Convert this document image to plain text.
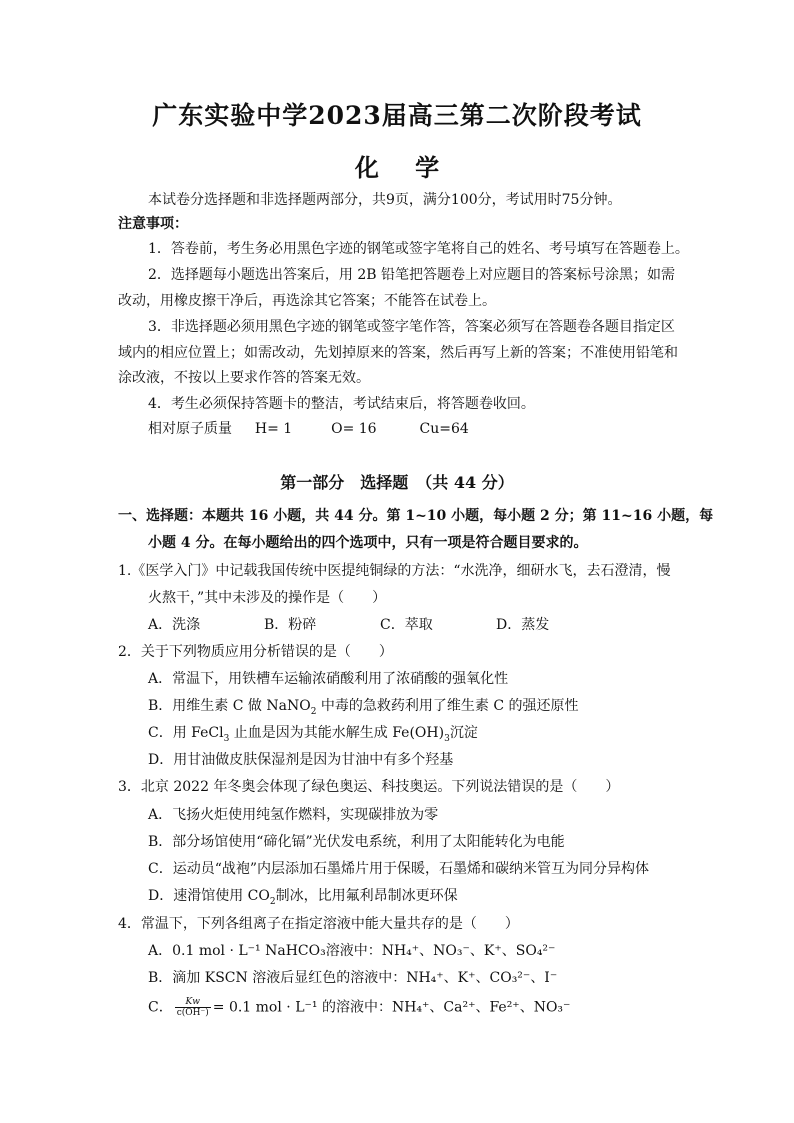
广东实验中学2023届高三第二次阶段考试
化 学
本试卷分选择题和非选择题两部分，共9页，满分100分，考试用时75分钟。
注意事项：
1．答卷前，考生务必用黑色字迹的钢笔或签字笔将自己的姓名、考号填写在答题卷上。
2．选择题每小题选出答案后，用 2B 铅笔把答题卷上对应题目的答案标号涂黑；如需
改动，用橡皮擦干净后，再选涂其它答案；不能答在试卷上。
3．非选择题必须用黑色字迹的钢笔或签字笔作答，答案必须写在答题卷各题目指定区
域内的相应位置上；如需改动，先划掉原来的答案，然后再写上新的答案；不准使用铅笔和
涂改液，不按以上要求作答的答案无效。
4．考生必须保持答题卡的整洁，考试结束后，将答题卷收回。
相对原子质量 H= 1	O= 16	Cu=64
第一部分　选择题　（共 44 分）
一、选择题：本题共 16 小题，共 44 分。第 1~10 小题，每小题 2 分；第 11~16 小题，每
小题 4 分。在每小题给出的四个选项中，只有一项是符合题目要求的。
1.《医学入门》中记载我国传统中医提纯铜绿的方法：“水洗净，细研水飞，去石澄清，慢
火熬干，”其中未涉及的操作是（　　）
A．洗涤	B．粉碎	C．萃取	D．蒸发
2．关于下列物质应用分析错误的是（　　）
A．常温下，用铁槽车运输浓硝酸利用了浓硝酸的强氧化性
B．用维生素 C 做 NaNO$_2$ 中毒的急救药利用了维生素 C 的强还原性
C．用 FeCl$_3$ 止血是因为其能水解生成 $Fe(OH)_3$沉淀
D．用甘油做皮肤保湿剂是因为甘油中有多个羟基
3．北京 2022 年冬奥会体现了绿色奥运、科技奥运。下列说法错误的是（　　）
A．飞扬火炬使用纯氢作燃料，实现碳排放为零
B．部分场馆使用“碲化镉”光伏发电系统，利用了太阳能转化为电能
C．运动员“战袍”内层添加石墨烯片用于保暖，石墨烯和碳纳米管互为同分异构体
D．速滑馆使用 $CO_2$制冰，比用氟利昂制冰更环保
4．常温下，下列各组离子在指定溶液中能大量共存的是（　　）
A．0.1 mol · L⁻¹ NaHCO₃溶液中：NH₄⁺、NO₃⁻、K⁺、SO₄²⁻
B．滴加 KSCN 溶液后显红色的溶液中：NH₄⁺、K⁺、CO₃²⁻、I⁻
C． $\frac{Kw}{c(OH^-)} = 0.1$ mol · L⁻¹ 的溶液中：NH₄⁺、Ca²⁺、Fe²⁺、NO₃⁻
